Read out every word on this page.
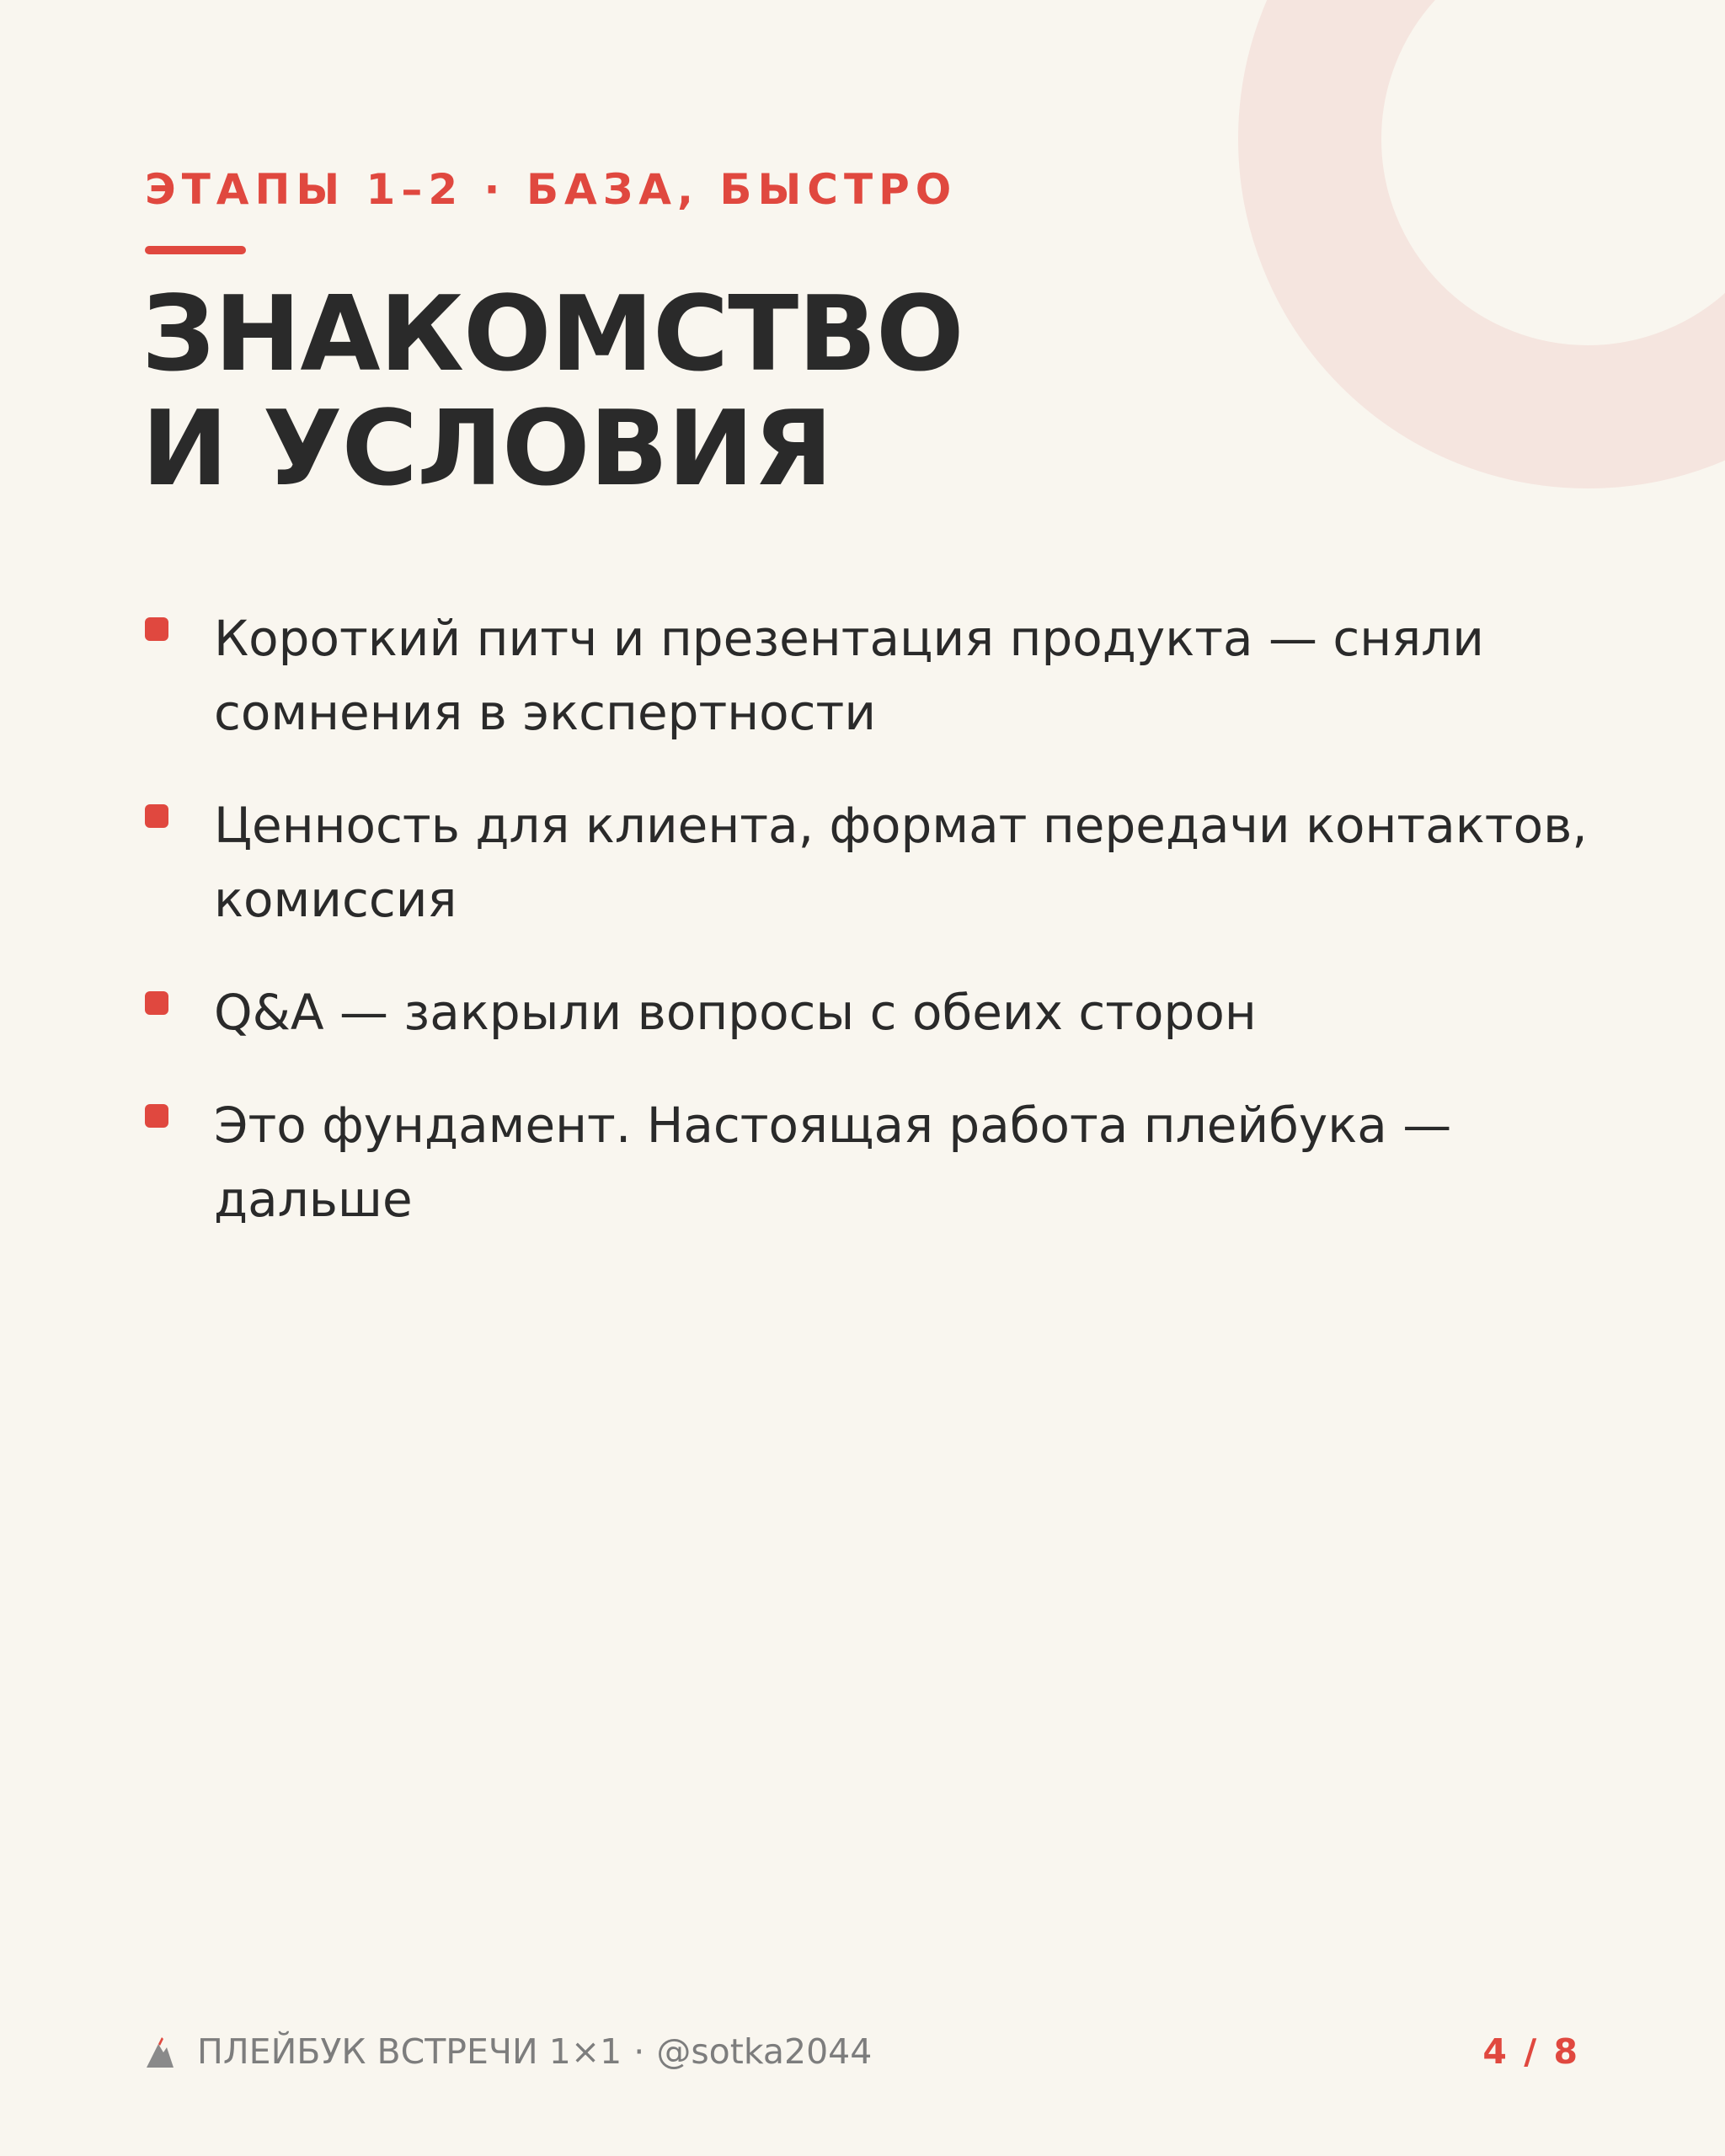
ЭТАПЫ 1–2 · БАЗА, БЫСТРО
ЗНАКОМСТВО
И УСЛОВИЯ
Короткий питч и презентация продукта — сняли сомнения в экспертности
Ценность для клиента, формат передачи контактов, комиссия
Q&A — закрыли вопросы с обеих сторон
Это фундамент. Настоящая работа плейбука — дальше
ПЛЕЙБУК ВСТРЕЧИ 1×1 · @sotka2044	4 / 8
